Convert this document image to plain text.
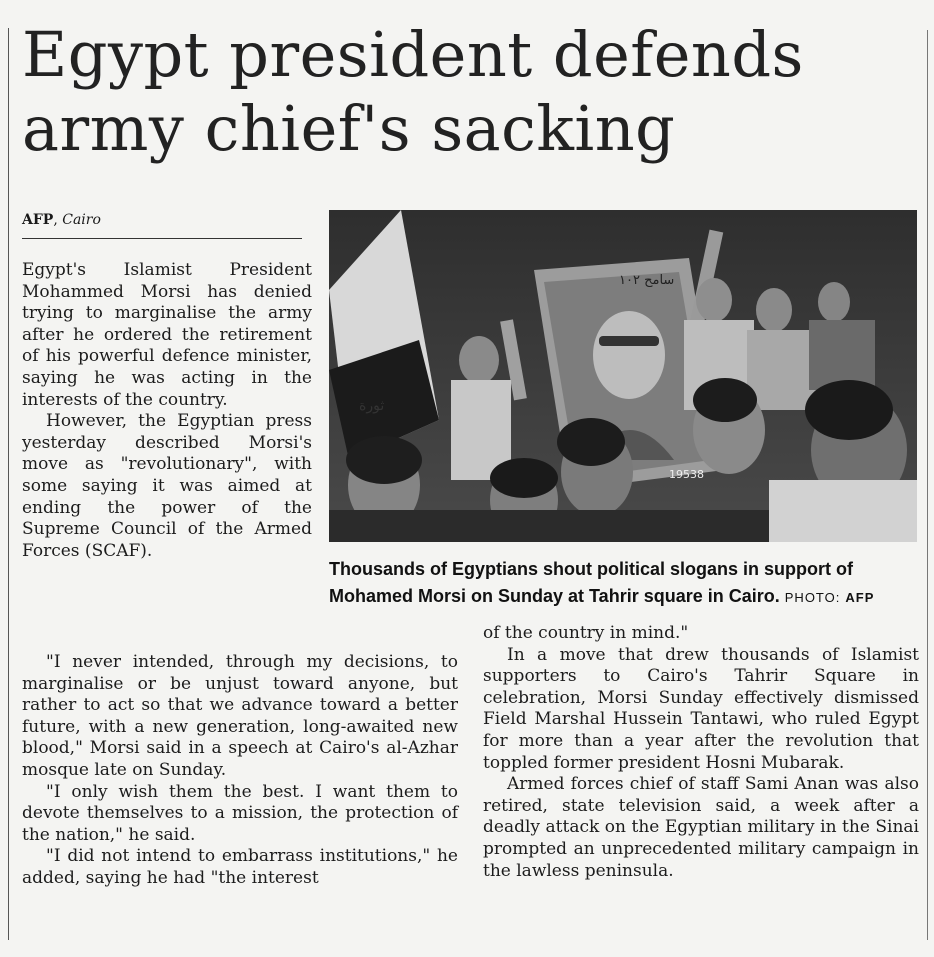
Egypt president defends
army chief's sacking
AFP, Cairo

Egypt's Islamist President Mohammed Morsi has denied trying to marginalise the army after he ordered the retirement of his powerful defence minister, saying he was acting in the interests of the country.

However, the Egyptian press yesterday described Morsi's move as "revolutionary", with some saying it was aimed at ending the power of the Supreme Council of the Armed Forces (SCAF).

ثورة
سامح ١٠٢
19538
Thousands of Egyptians shout political slogans in support of Mohamed Morsi on Sunday at Tahrir square in Cairo. PHOTO: AFP

"I never intended, through my decisions, to marginalise or be unjust toward anyone, but rather to act so that we advance toward a better future, with a new generation, long-awaited new blood," Morsi said in a speech at Cairo's al-Azhar mosque late on Sunday.

"I only wish them the best. I want them to devote themselves to a mission, the protection of the nation," he said.

"I did not intend to embarrass institutions," he added, saying he had "the interest

of the country in mind."

In a move that drew thousands of Islamist supporters to Cairo's Tahrir Square in celebration, Morsi Sunday effectively dismissed Field Marshal Hussein Tantawi, who ruled Egypt for more than a year after the revolution that toppled former president Hosni Mubarak.

Armed forces chief of staff Sami Anan was also retired, state television said, a week after a deadly attack on the Egyptian military in the Sinai prompted an unprecedented military campaign in the lawless peninsula.
